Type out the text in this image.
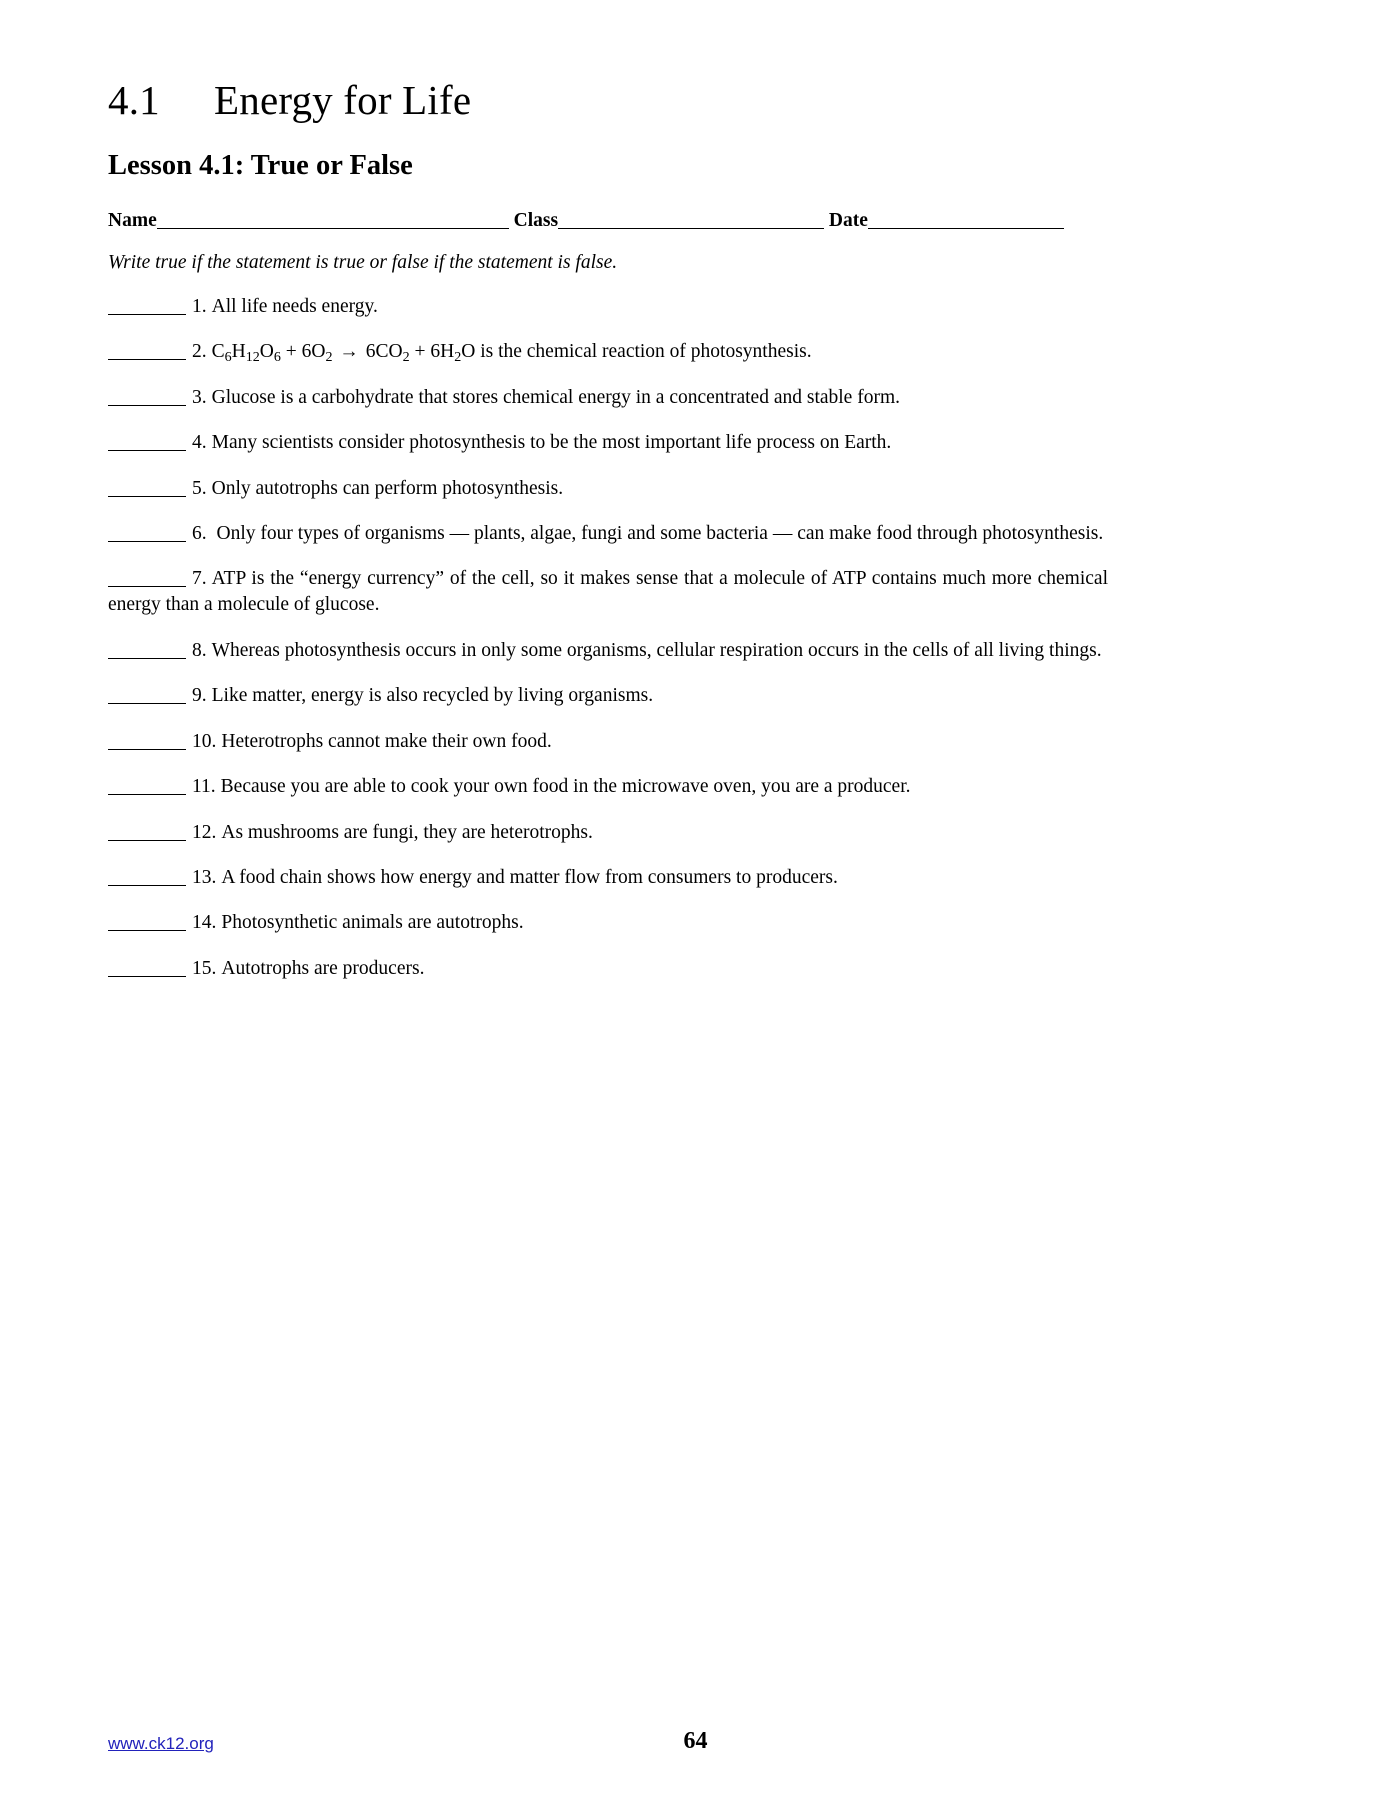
4.1 Energy for Life
Lesson 4.1: True or False
Name	Class	Date

Write true if the statement is true or false if the statement is false.

1. All life needs energy.

2. $C_6H_{12}O_6 + 6O_2 \to 6CO_2 + 6H_2O$ is the chemical reaction of photosynthesis.

3. Glucose is a carbohydrate that stores chemical energy in a concentrated and stable form.

4. Many scientists consider photosynthesis to be the most important life process on Earth.

5. Only autotrophs can perform photosynthesis.

6. Only four types of organisms — plants, algae, fungi and some bacteria — can make food through photosynthesis.

7. ATP is the “energy currency” of the cell, so it makes sense that a molecule of ATP contains much more chemical energy than a molecule of glucose.

8. Whereas photosynthesis occurs in only some organisms, cellular respiration occurs in the cells of all living things.

9. Like matter, energy is also recycled by living organisms.

10. Heterotrophs cannot make their own food.

11. Because you are able to cook your own food in the microwave oven, you are a producer.

12. As mushrooms are fungi, they are heterotrophs.

13. A food chain shows how energy and matter flow from consumers to producers.

14. Photosynthetic animals are autotrophs.

15. Autotrophs are producers.

www.ck12.org	64
